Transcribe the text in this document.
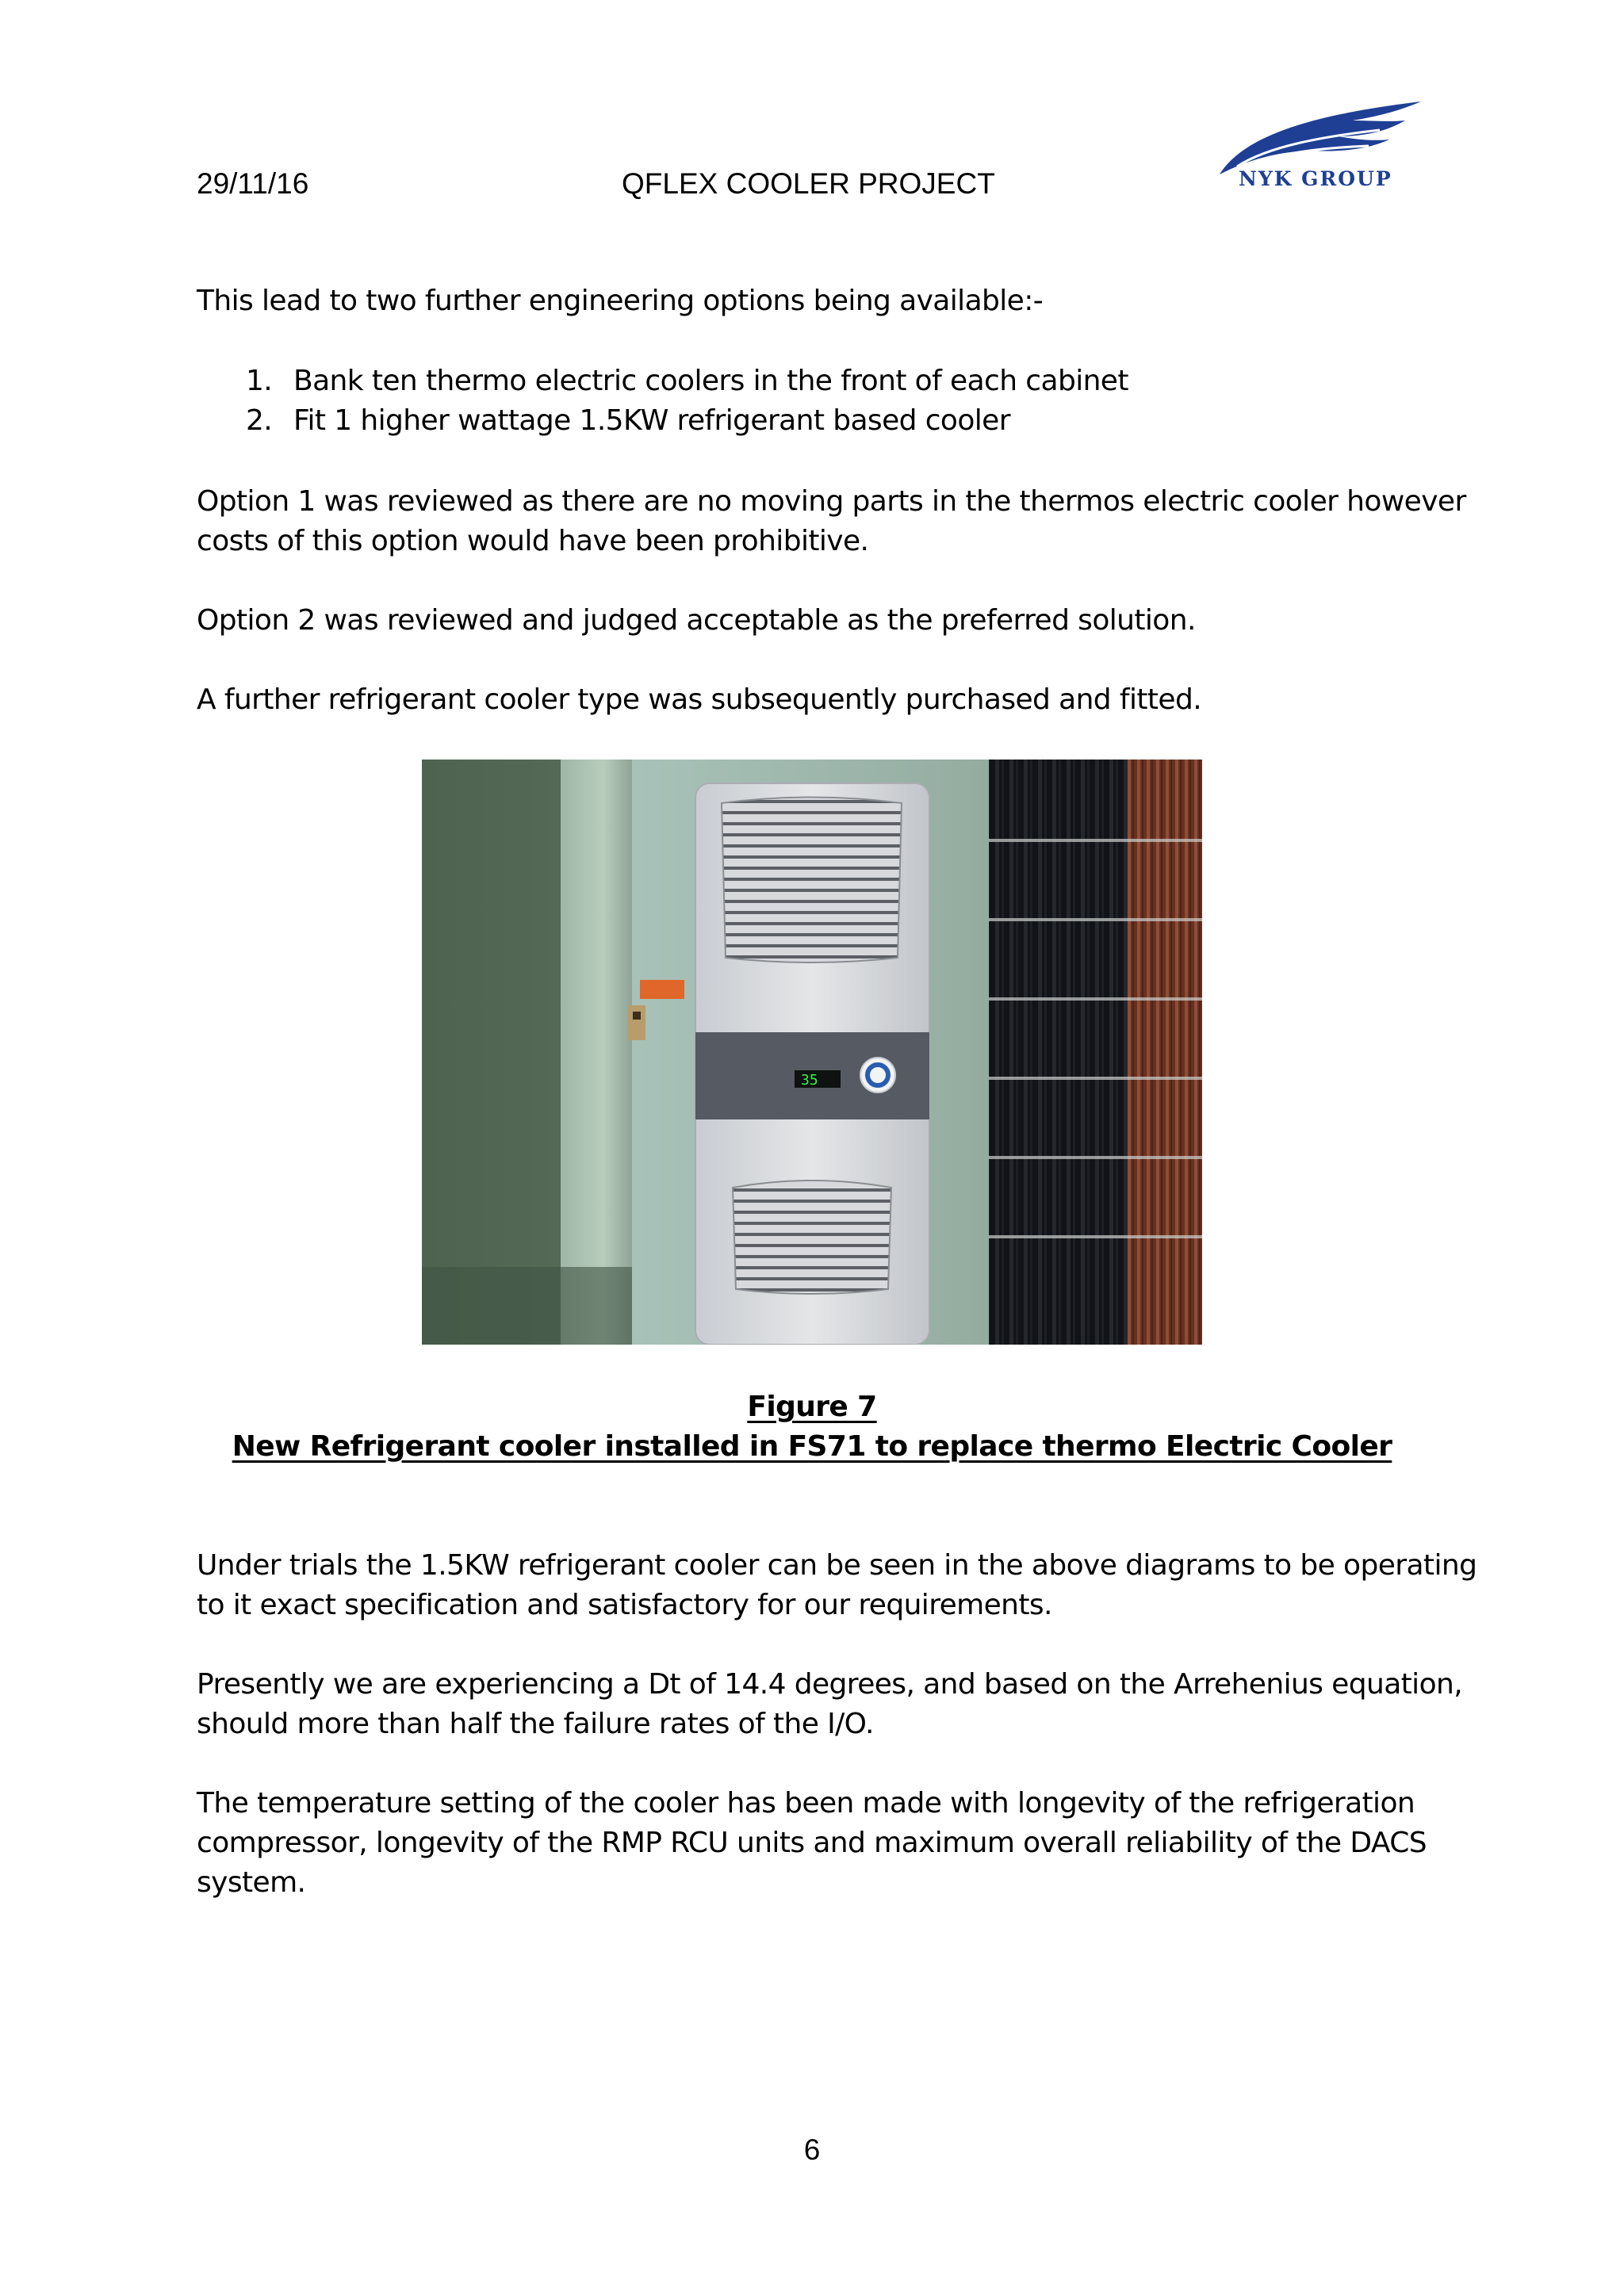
29/11/16	QFLEX COOLER PROJECT	NYK GROUP
This lead to two further engineering options being available:-
1. Bank ten thermo electric coolers in the front of each cabinet
2. Fit 1 higher wattage 1.5KW refrigerant based cooler
Option 1 was reviewed as there are no moving parts in the thermos electric cooler however
costs of this option would have been prohibitive.
Option 2 was reviewed and judged acceptable as the preferred solution.
A further refrigerant cooler type was subsequently purchased and fitted.
35
Figure 7
New Refrigerant cooler installed in FS71 to replace thermo Electric Cooler
Under trials the 1.5KW refrigerant cooler can be seen in the above diagrams to be operating
to it exact specification and satisfactory for our requirements.
Presently we are experiencing a Dt of 14.4 degrees, and based on the Arrehenius equation,
should more than half the failure rates of the I/O.
The temperature setting of the cooler has been made with longevity of the refrigeration
compressor, longevity of the RMP RCU units and maximum overall reliability of the DACS
system.
6
